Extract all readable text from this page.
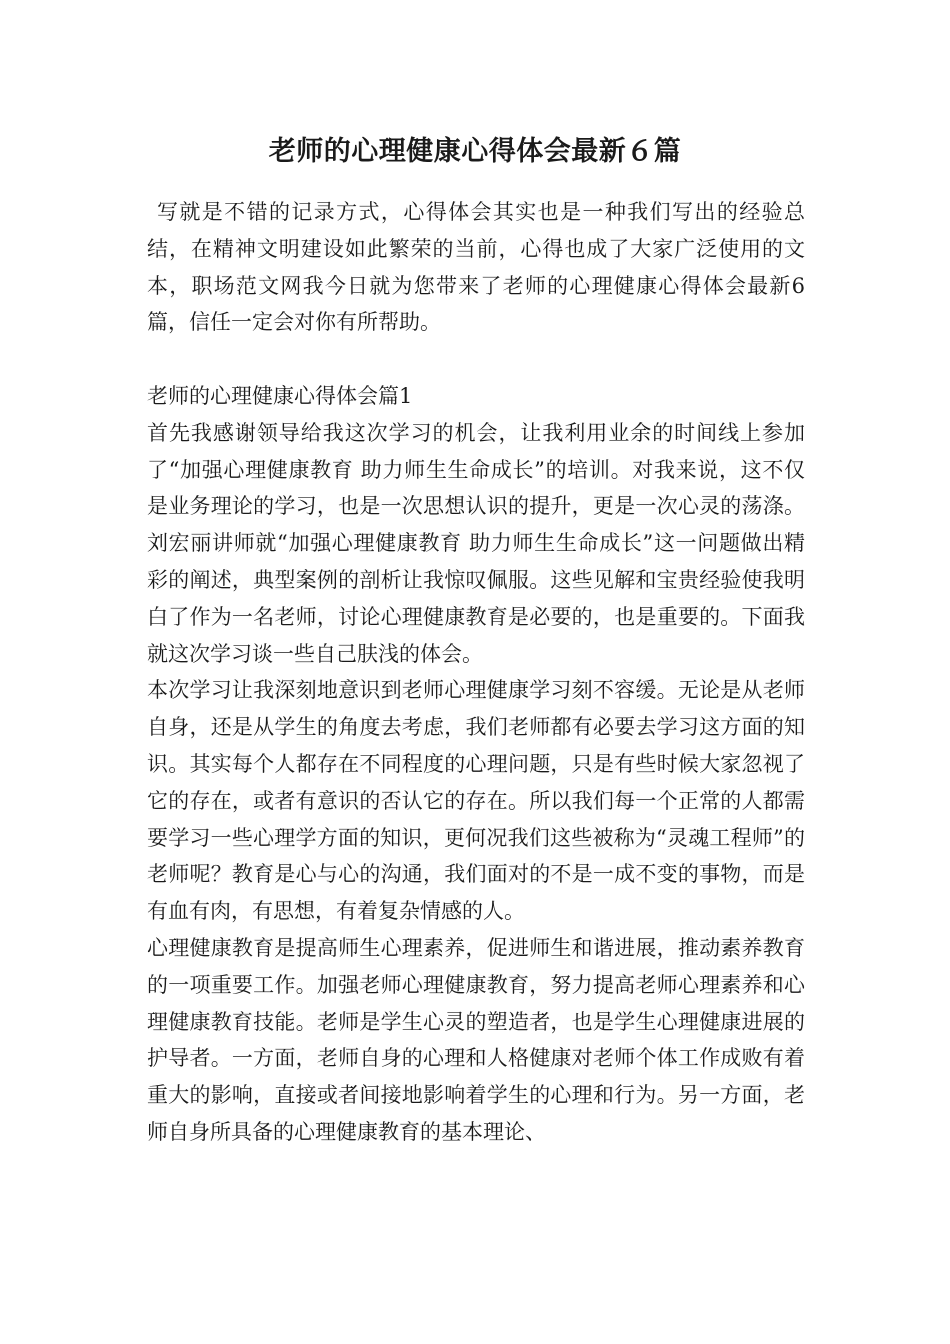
老师的心理健康心得体会最新６篇

写就是不错的记录方式，心得体会其实也是一种我们写出的经验总结，在精神文明建设如此繁荣的当前，心得也成了大家广泛使用的文本，职场范文网我今日就为您带来了老师的心理健康心得体会最新6篇，信任一定会对你有所帮助。

老师的心理健康心得体会篇1

首先我感谢领导给我这次学习的机会，让我利用业余的时间线上参加了“加强心理健康教育 助力师生生命成长”的培训。对我来说，这不仅是业务理论的学习，也是一次思想认识的提升，更是一次心灵的荡涤。刘宏丽讲师就“加强心理健康教育 助力师生生命成长”这一问题做出精彩的阐述，典型案例的剖析让我惊叹佩服。这些见解和宝贵经验使我明白了作为一名老师，讨论心理健康教育是必要的，也是重要的。下面我就这次学习谈一些自己肤浅的体会。

本次学习让我深刻地意识到老师心理健康学习刻不容缓。无论是从老师自身，还是从学生的角度去考虑，我们老师都有必要去学习这方面的知识。其实每个人都存在不同程度的心理问题，只是有些时候大家忽视了它的存在，或者有意识的否认它的存在。所以我们每一个正常的人都需要学习一些心理学方面的知识，更何况我们这些被称为“灵魂工程师”的老师呢？教育是心与心的沟通，我们面对的不是一成不变的事物，而是有血有肉，有思想，有着复杂情感的人。

心理健康教育是提高师生心理素养，促进师生和谐进展，推动素养教育的一项重要工作。加强老师心理健康教育，努力提高老师心理素养和心理健康教育技能。老师是学生心灵的塑造者，也是学生心理健康进展的护导者。一方面，老师自身的心理和人格健康对老师个体工作成败有着重大的影响，直接或者间接地影响着学生的心理和行为。另一方面，老师自身所具备的心理健康教育的基本理论、
